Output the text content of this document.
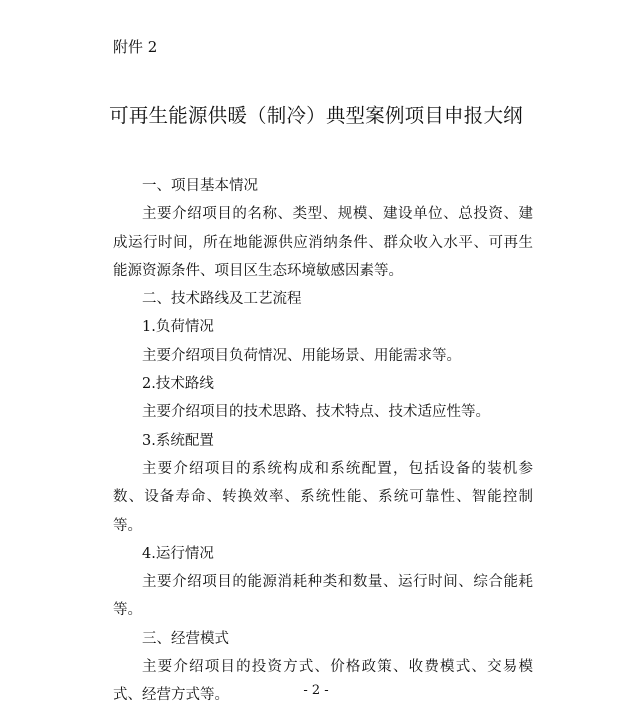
附件 2
可再生能源供暖（制冷）典型案例项目申报大纲

一、项目基本情况

主要介绍项目的名称、类型、规模、建设单位、总投资、建成运行时间，所在地能源供应消纳条件、群众收入水平、可再生能源资源条件、项目区生态环境敏感因素等。

二、技术路线及工艺流程

1.负荷情况

主要介绍项目负荷情况、用能场景、用能需求等。

2.技术路线

主要介绍项目的技术思路、技术特点、技术适应性等。

3.系统配置

主要介绍项目的系统构成和系统配置，包括设备的装机参数、设备寿命、转换效率、系统性能、系统可靠性、智能控制等。

4.运行情况

主要介绍项目的能源消耗种类和数量、运行时间、综合能耗等。

三、经营模式

主要介绍项目的投资方式、价格政策、收费模式、交易模式、经营方式等。	- 2 -
